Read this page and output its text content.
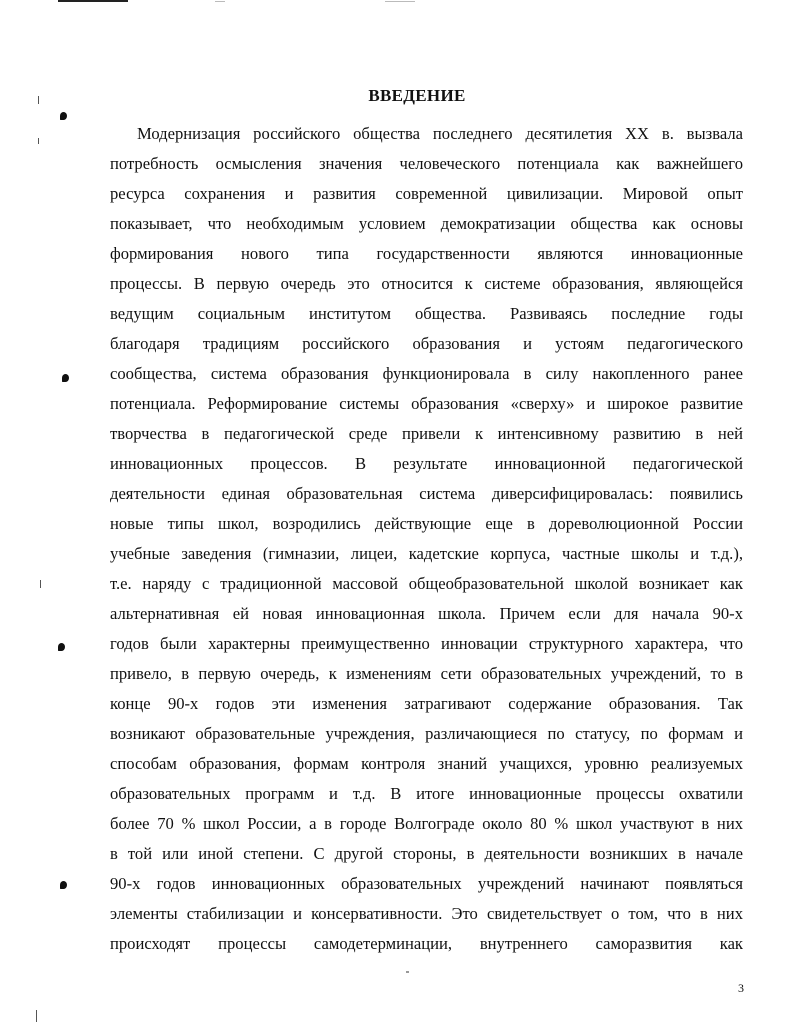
ВВЕДЕНИЕ
Модернизация российского общества последнего десятилетия XX в. вызвала
потребность осмысления значения человеческого потенциала как важнейшего
ресурса сохранения и развития современной цивилизации. Мировой опыт
показывает, что необходимым условием демократизации общества как основы
формирования нового типа государственности являются инновационные
процессы. В первую очередь это относится к системе образования, являющейся
ведущим социальным институтом общества. Развиваясь последние годы
благодаря традициям российского образования и устоям педагогического
сообщества, система образования функционировала в силу накопленного ранее
потенциала. Реформирование системы образования «сверху» и широкое развитие
творчества в педагогической среде привели к интенсивному развитию в ней
инновационных процессов. В результате инновационной педагогической
деятельности единая образовательная система диверсифицировалась: появились
новые типы школ, возродились действующие еще в дореволюционной России
учебные заведения (гимназии, лицеи, кадетские корпуса, частные школы и т.д.),
т.е. наряду с традиционной массовой общеобразовательной школой возникает как
альтернативная ей новая инновационная школа. Причем если для начала 90-х
годов были характерны преимущественно инновации структурного характера, что
привело, в первую очередь, к изменениям сети образовательных учреждений, то в
конце 90-х годов эти изменения затрагивают содержание образования. Так
возникают образовательные учреждения, различающиеся по статусу, по формам и
способам образования, формам контроля знаний учащихся, уровню реализуемых
образовательных программ и т.д. В итоге инновационные процессы охватили
более 70 % школ России, а в городе Волгограде около 80 % школ участвуют в них
в той или иной степени. С другой стороны, в деятельности возникших в начале
90-х годов инновационных образовательных учреждений начинают появляться
элементы стабилизации и консервативности. Это свидетельствует о том, что в них
происходят процессы самодетерминации, внутреннего саморазвития как
3
